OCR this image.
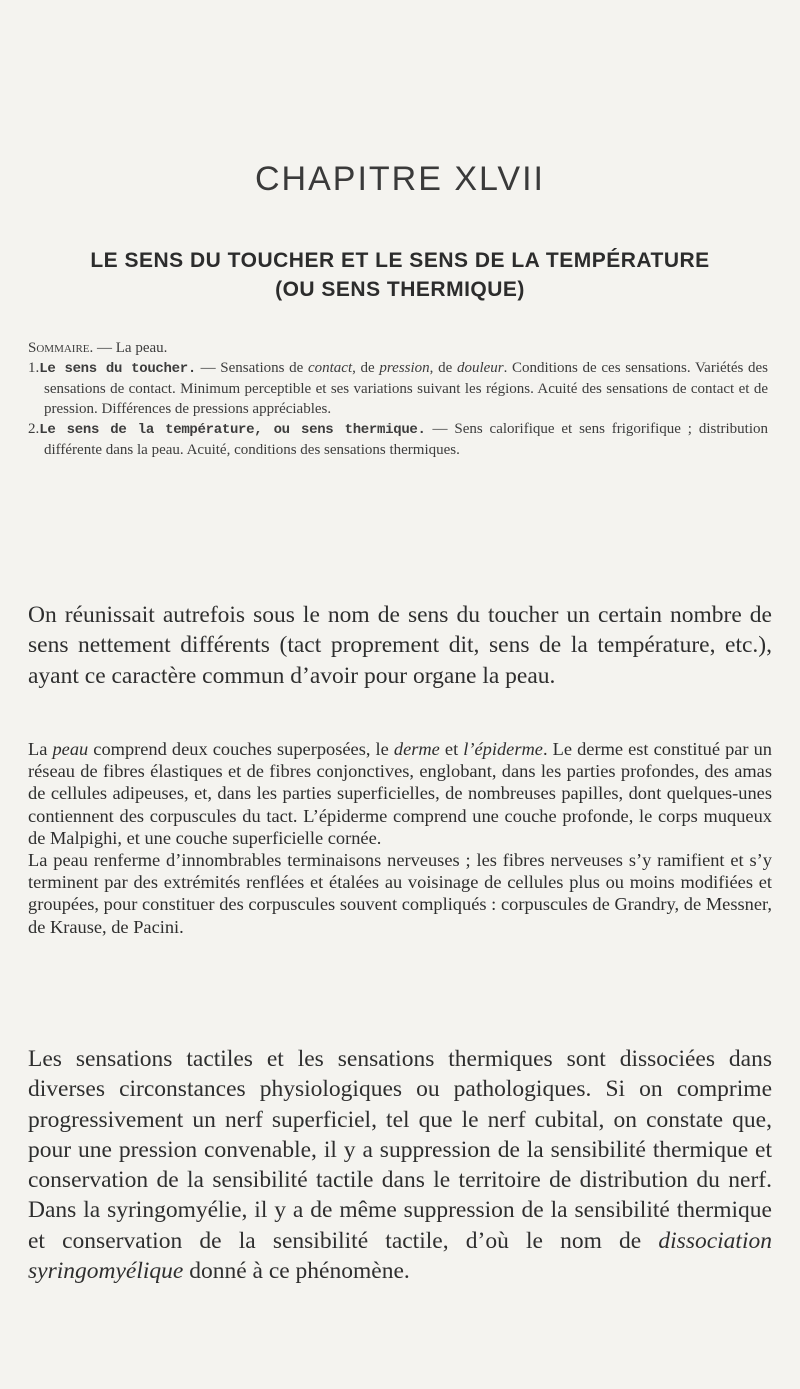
CHAPITRE XLVII
LE SENS DU TOUCHER ET LE SENS DE LA TEMPÉRATURE
(OU SENS THERMIQUE)
Sommaire. — La peau.
1.Le sens du toucher. — Sensations de contact, de pression, de douleur. Conditions de ces sensations. Variétés des sensations de contact. Minimum perceptible et ses variations suivant les régions. Acuité des sensations de contact et de pression. Différences de pressions appréciables.
2.Le sens de la température, ou sens thermique. — Sens calorifique et sens frigorifique ; distribution différente dans la peau. Acuité, conditions des sensations thermiques.

On réunissait autrefois sous le nom de sens du toucher un certain nombre de sens nettement différents (tact proprement dit, sens de la température, etc.), ayant ce caractère commun d’avoir pour organe la peau.

La peau comprend deux couches superposées, le derme et l’épiderme. Le derme est constitué par un réseau de fibres élastiques et de fibres conjonctives, englobant, dans les parties profondes, des amas de cellules adipeuses, et, dans les parties superficielles, de nombreuses papilles, dont quelques-unes contiennent des corpuscules du tact. L’épiderme comprend une couche profonde, le corps muqueux de Malpighi, et une couche superficielle cornée.

La peau renferme d’innombrables terminaisons nerveuses ; les fibres nerveuses s’y ramifient et s’y terminent par des extrémités renflées et étalées au voisinage de cellules plus ou moins modifiées et groupées, pour constituer des corpuscules souvent compliqués : corpuscules de Grandry, de Messner, de Krause, de Pacini.

Les sensations tactiles et les sensations thermiques sont dissociées dans diverses circonstances physiologiques ou pathologiques. Si on comprime progressivement un nerf superficiel, tel que le nerf cubital, on constate que, pour une pression convenable, il y a suppression de la sensibilité thermique et conservation de la sensibilité tactile dans le territoire de distribution du nerf. Dans la syringomyélie, il y a de même suppression de la sensibilité thermique et conservation de la sensibilité tactile, d’où le nom de dissociation syringomyélique donné à ce phénomène.
